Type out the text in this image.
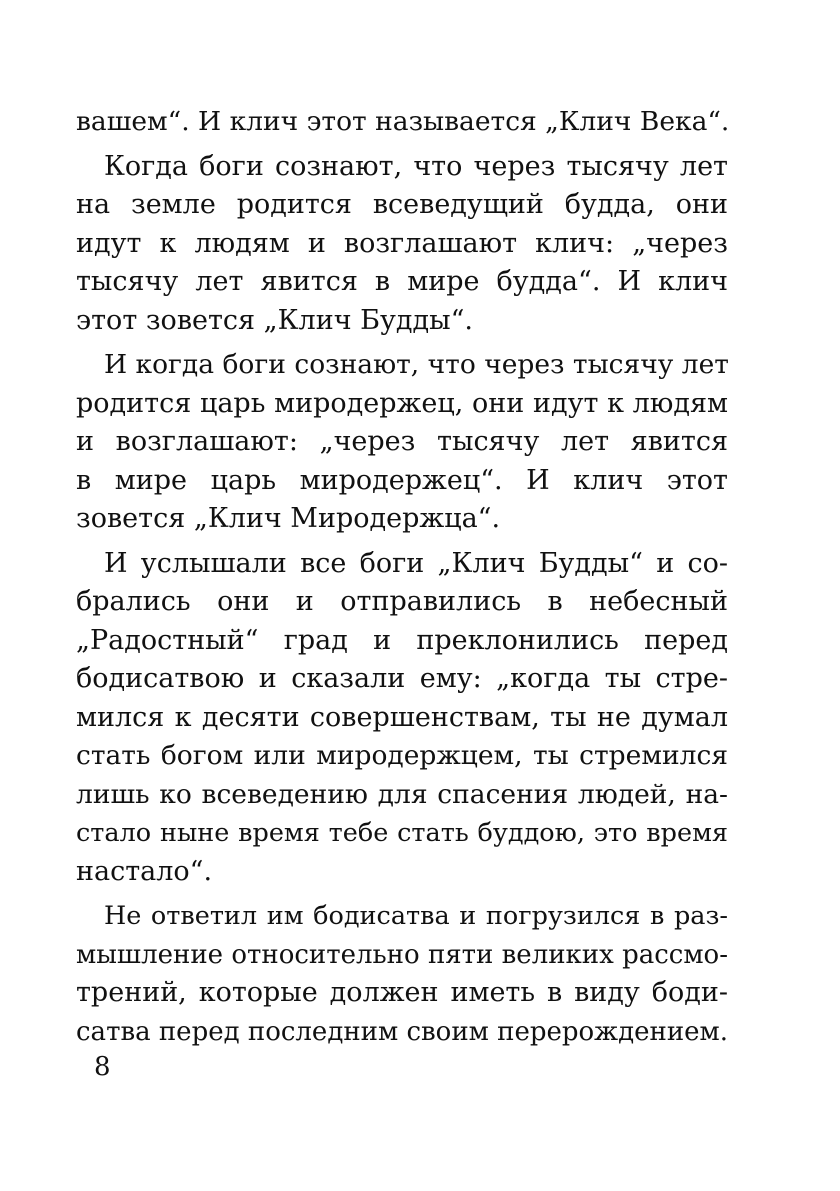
вашем“. И клич этот называется „Клич Века“.
Когда боги сознают, что через тысячу лет
на земле родится всеведущий будда, они
идут к людям и возглашают клич: „через
тысячу лет явится в мире будда“. И клич
этот зовется „Клич Будды“.
И когда боги сознают, что через тысячу лет
родится царь миродержец, они идут к людям
и возглашают: „через тысячу лет явится
в мире царь миродержец“. И клич этот
зовется „Клич Миродержца“.
И услышали все боги „Клич Будды“ и со-
брались они и отправились в небесный
„Радостный“ град и преклонились перед
бодисатвою и сказали ему: „когда ты стре-
мился к десяти совершенствам, ты не думал
стать богом или миродержцем, ты стремился
лишь ко всеведению для спасения людей, на-
стало ныне время тебе стать буддою, это время
настало“.
Не ответил им бодисатва и погрузился в раз-
мышление относительно пяти великих рассмо-
трений, которые должен иметь в виду боди-
сатва перед последним своим перерождением.
8
